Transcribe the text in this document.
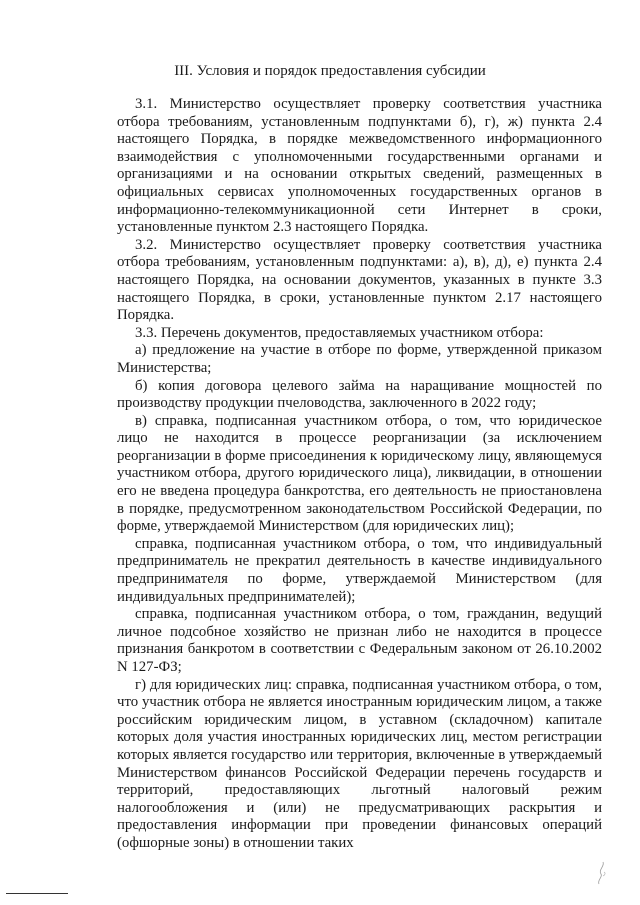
III. Условия и порядок предоставления субсидии

3.1. Министерство осуществляет проверку соответствия участника отбора требованиям, установленным подпунктами б), г), ж) пункта 2.4 настоящего Порядка, в порядке межведомственного информационного взаимодействия с уполномоченными государственными органами и организациями и на основании открытых сведений, размещенных в официальных сервисах уполномоченных государственных органов в информационно-телекоммуникационной сети Интернет в сроки, установленные пунктом 2.3 настоящего Порядка.

3.2. Министерство осуществляет проверку соответствия участника отбора требованиям, установленным подпунктами: а), в), д), е) пункта 2.4 настоящего Порядка, на основании документов, указанных в пункте 3.3 настоящего Порядка, в сроки, установленные пунктом 2.17 настоящего Порядка.

3.3. Перечень документов, предоставляемых участником отбора:

а) предложение на участие в отборе по форме, утвержденной приказом Министерства;

б) копия договора целевого займа на наращивание мощностей по производству продукции пчеловодства, заключенного в 2022 году;

в) справка, подписанная участником отбора, о том, что юридическое лицо не находится в процессе реорганизации (за исключением реорганизации в форме присоединения к юридическому лицу, являющемуся участником отбора, другого юридического лица), ликвидации, в отношении его не введена процедура банкротства, его деятельность не приостановлена в порядке, предусмотренном законодательством Российской Федерации, по форме, утверждаемой Министерством (для юридических лиц);

справка, подписанная участником отбора, о том, что индивидуальный предприниматель не прекратил деятельность в качестве индивидуального предпринимателя по форме, утверждаемой Министерством (для индивидуальных предпринимателей);

справка, подписанная участником отбора, о том, гражданин, ведущий личное подсобное хозяйство не признан либо не находится в процессе признания банкротом в соответствии с Федеральным законом от 26.10.2002 N 127-ФЗ;

г) для юридических лиц: справка, подписанная участником отбора, о том, что участник отбора не является иностранным юридическим лицом, а также российским юридическим лицом, в уставном (складочном) капитале которых доля участия иностранных юридических лиц, местом регистрации которых является государство или территория, включенные в утверждаемый Министерством финансов Российской Федерации перечень государств и территорий, предоставляющих льготный налоговый режим налогообложения и (или) не предусматривающих раскрытия и предоставления информации при проведении финансовых операций (офшорные зоны) в отношении таких
